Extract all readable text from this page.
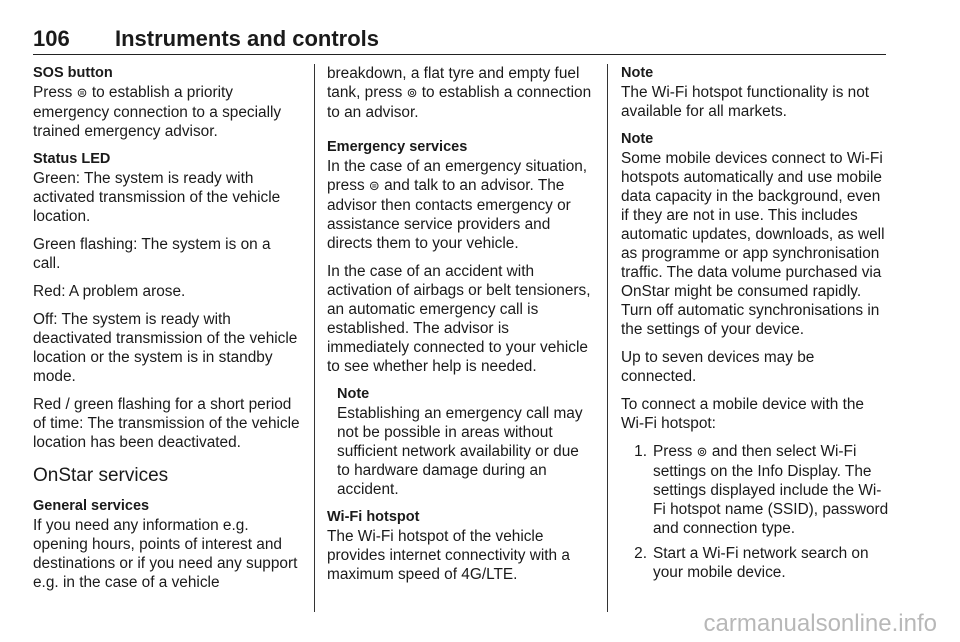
106 Instruments and controls

SOS button

Press ⊜ to establish a priority emergency connection to a specially trained emergency advisor.

Status LED

Green: The system is ready with activated transmission of the vehicle location.

Green flashing: The system is on a call.

Red: A problem arose.

Off: The system is ready with deactivated transmission of the vehicle location or the system is in standby mode.

Red / green flashing for a short period of time: The transmission of the vehicle location has been deactivated.

OnStar services

General services

If you need any information e.g. opening hours, points of interest and destinations or if you need any support e.g. in the case of a vehicle

breakdown, a flat tyre and empty fuel tank, press ⊚ to establish a connection to an advisor.

Emergency services

In the case of an emergency situation, press ⊜ and talk to an advisor. The advisor then contacts emergency or assistance service providers and directs them to your vehicle.

In the case of an accident with activation of airbags or belt tensioners, an automatic emergency call is established. The advisor is immediately connected to your vehicle to see whether help is needed.

Note

Establishing an emergency call may not be possible in areas without sufficient network availability or due to hardware damage during an accident.

Wi-Fi hotspot

The Wi-Fi hotspot of the vehicle provides internet connectivity with a maximum speed of 4G/LTE.

Note

The Wi-Fi hotspot functionality is not available for all markets.

Note

Some mobile devices connect to Wi-Fi hotspots automatically and use mobile data capacity in the background, even if they are not in use. This includes automatic updates, downloads, as well as programme or app synchronisation traffic. The data volume purchased via OnStar might be consumed rapidly. Turn off automatic synchronisations in the settings of your device.

Up to seven devices may be connected.

To connect a mobile device with the Wi-Fi hotspot:

1. Press ⊚ and then select Wi-Fi settings on the Info Display. The settings displayed include the Wi-Fi hotspot name (SSID), password and connection type.
2. Start a Wi-Fi network search on your mobile device.
carmanualsonline.info
